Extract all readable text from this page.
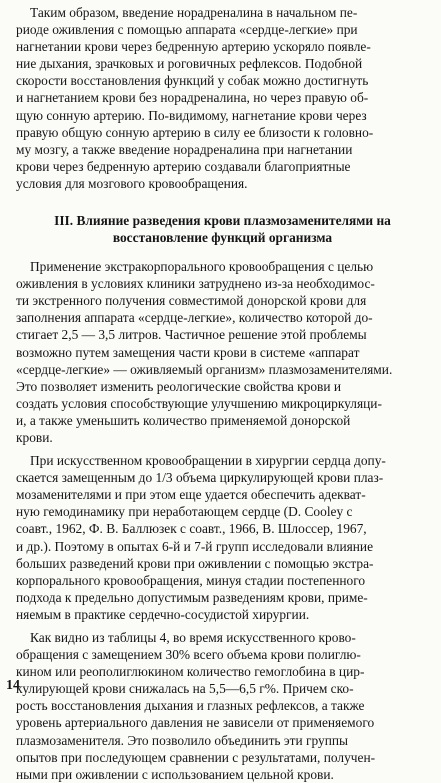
Таким образом, введение норадреналина в начальном пе-
риоде оживления с помощью аппарата «сердце-легкие» при
нагнетании крови через бедренную артерию ускоряло появле-
ние дыхания, зрачковых и роговичных рефлексов. Подобной
скорости восстановления функций у собак можно достигнуть
и нагнетанием крови без норадреналина, но через правую об-
щую сонную артерию. По-видимому, нагнетание крови через
правую общую сонную артерию в силу ее близости к головно-
му мозгу, а также введение норадреналина при нагнетании
крови через бедренную артерию создавали благоприятные
условия для мозгового кровообращения.

III. Влияние разведения крови плазмозаменителями на
восстановление функций организма

Применение экстракорпорального кровообращения с целью
оживления в условиях клиники затруднено из-за необходимос-
ти экстренного получения совместимой донорской крови для
заполнения аппарата «сердце-легкие», количество которой до-
стигает 2,5 — 3,5 литров. Частичное решение этой проблемы
возможно путем замещения части крови в системе «аппарат
«сердце-легкие» — оживляемый организм» плазмозаменителями.
Это позволяет изменить реологические свойства крови и
создать условия способствующие улучшению микроциркуляци-
и, а также уменьшить количество применяемой донорской
крови.

При искусственном кровообращении в хирургии сердца допу-
скается замещенным до 1/3 объема циркулирующей крови плаз-
мозаменителями и при этом еще удается обеспечить адекват-
ную гемодинамику при неработающем сердце (D. Cooley с
соавт., 1962, Ф. В. Баллюзек с соавт., 1966, В. Шлоссер, 1967,
и др.). Поэтому в опытах 6-й и 7-й групп исследовали влияние
больших разведений крови при оживлении с помощью экстра-
корпорального кровообращения, минуя стадии постепенного
подхода к предельно допустимым разведениям крови, приме-
няемым в практике сердечно-сосудистой хирургии.

Как видно из таблицы 4, во время искусственного крово-
обращения с замещением 30% всего объема крови полиглю-
кином или реополиглюкином количество гемоглобина в цир-
кулирующей крови снижалась на 5,5—6,5 г%. Причем ско-
рость восстановления дыхания и глазных рефлексов, а также
уровень артериального давления не зависели от применяемого
плазмозаменителя. Это позволило объединить эти группы
опытов при последующем сравнении с результатами, получен-
ными при оживлении с использованием цельной крови.

14
